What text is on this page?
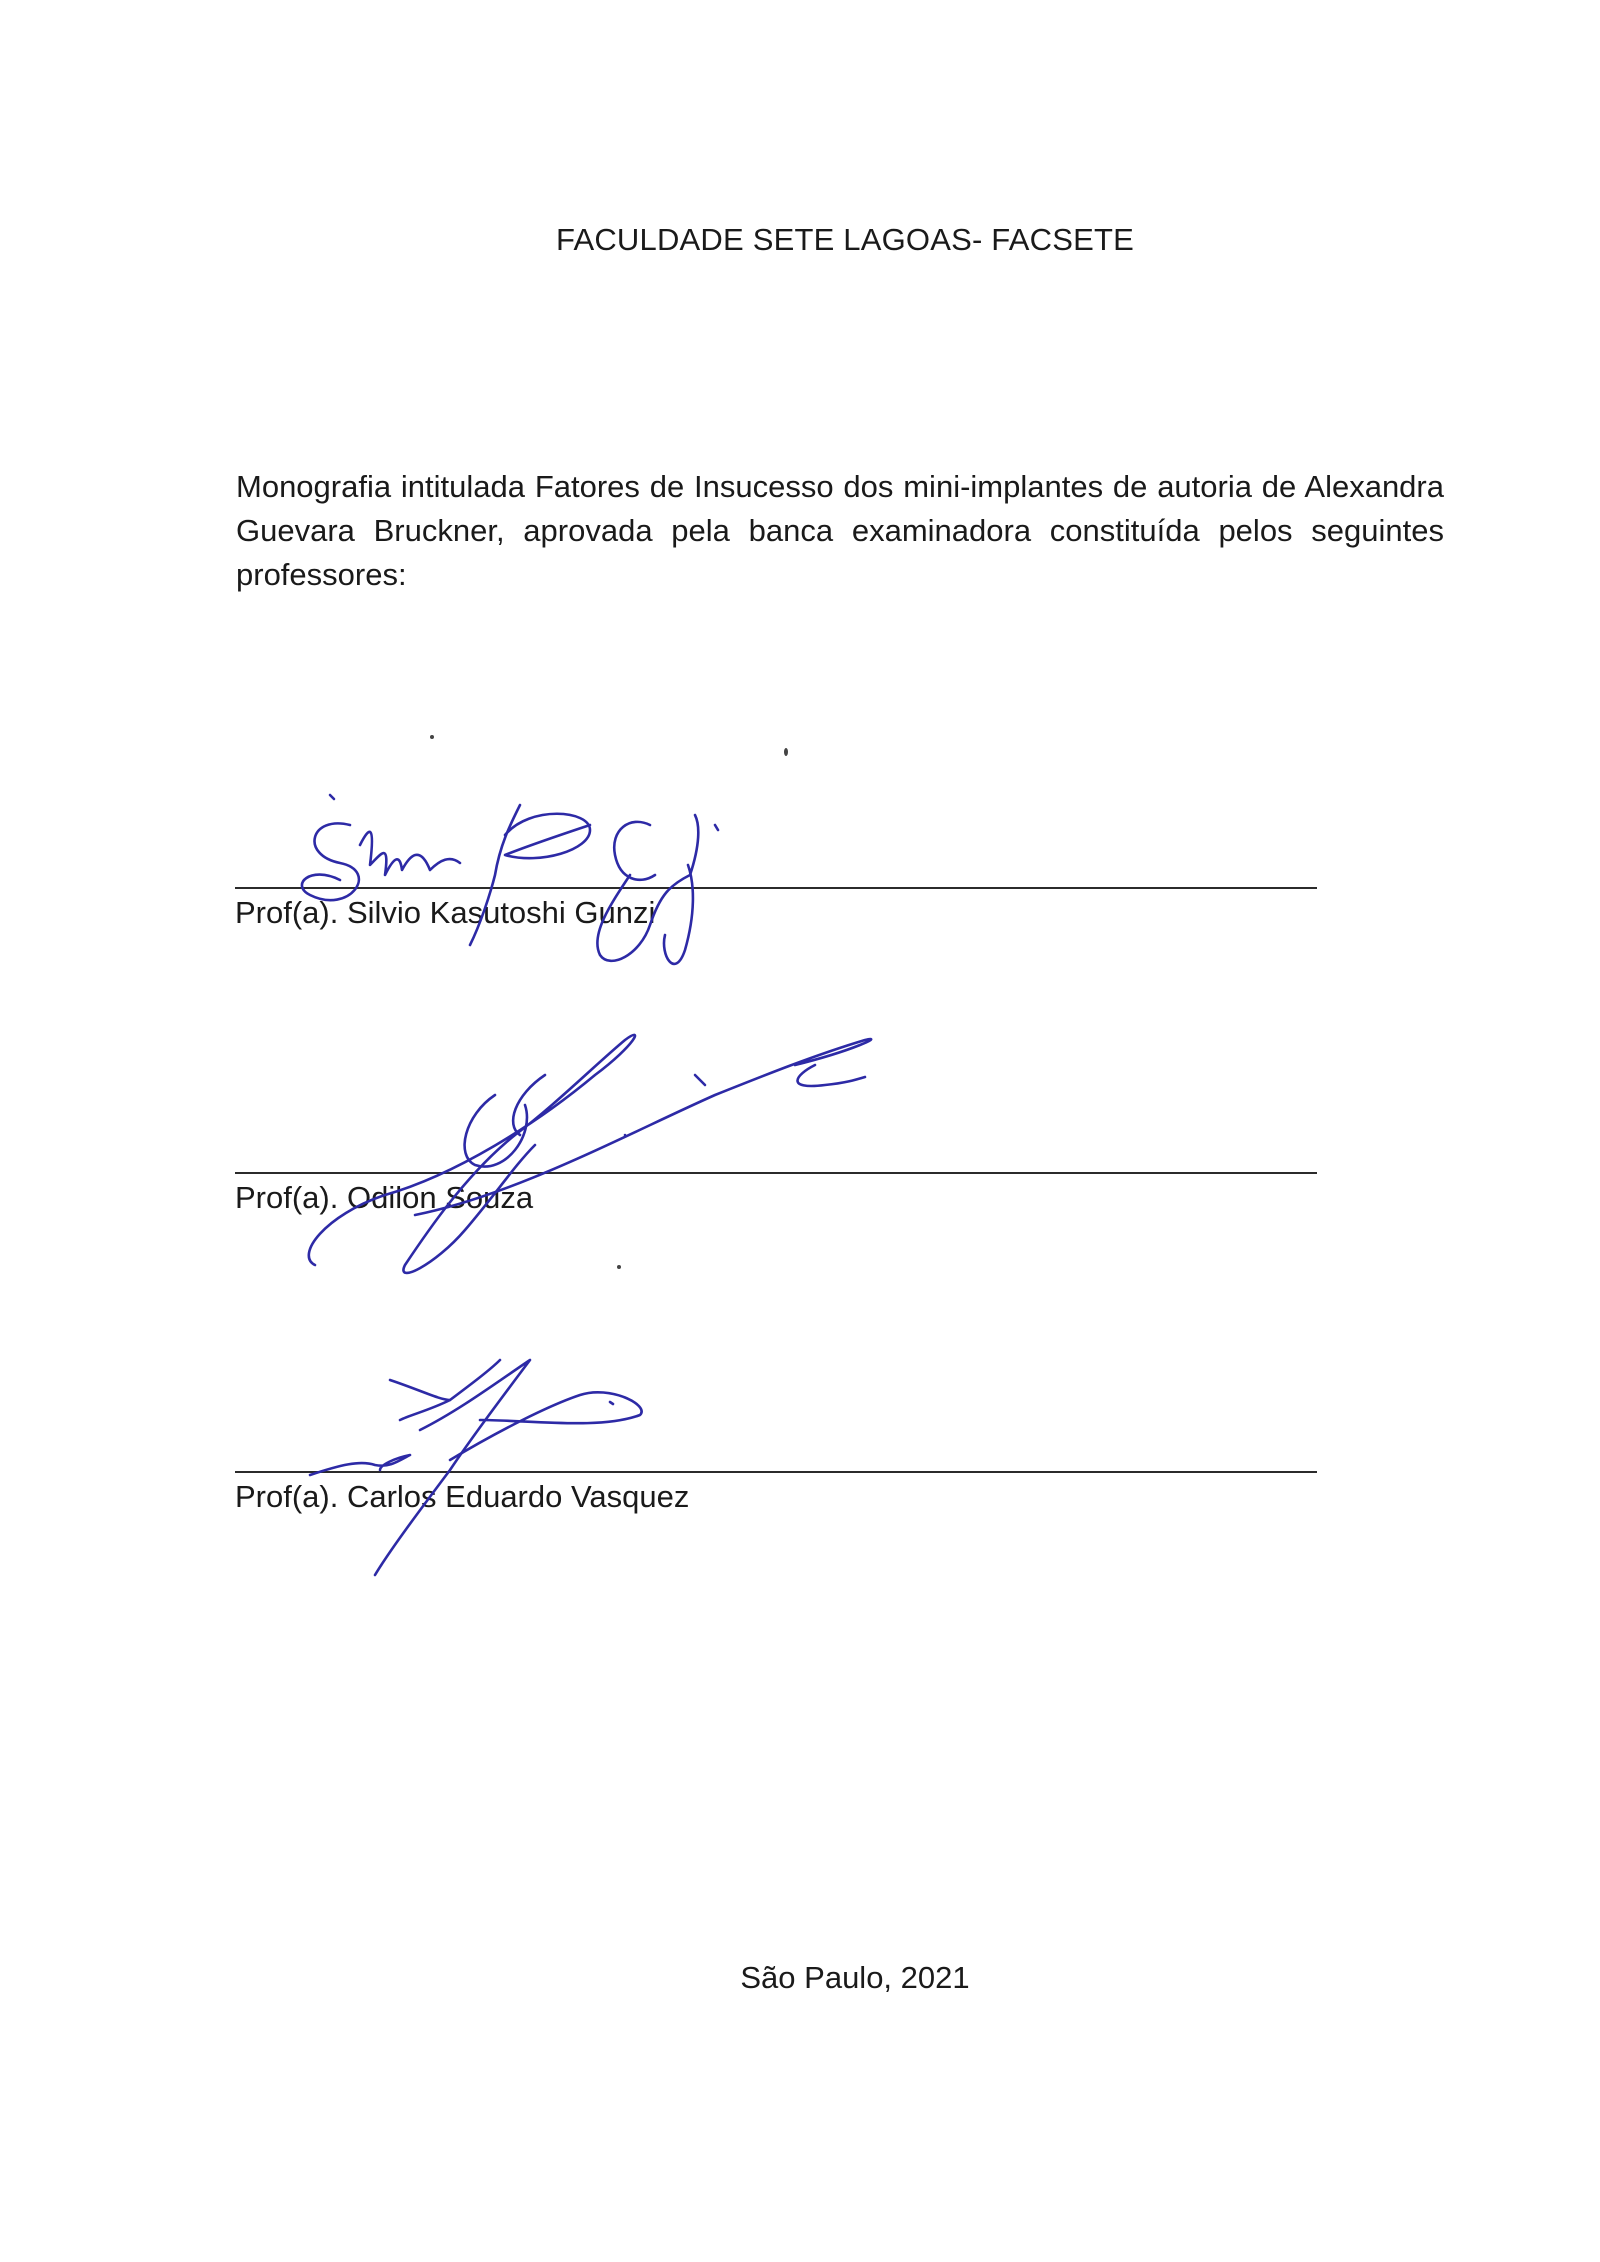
FACULDADE SETE LAGOAS- FACSETE
Monografia intitulada Fatores de Insucesso dos mini-implantes de autoria de Alexandra Guevara Bruckner, aprovada pela banca examinadora constituída pelos seguintes professores:
Prof(a). Silvio Kasutoshi Gunzi
Prof(a). Odilon Souza
Prof(a). Carlos Eduardo Vasquez
São Paulo, 2021
